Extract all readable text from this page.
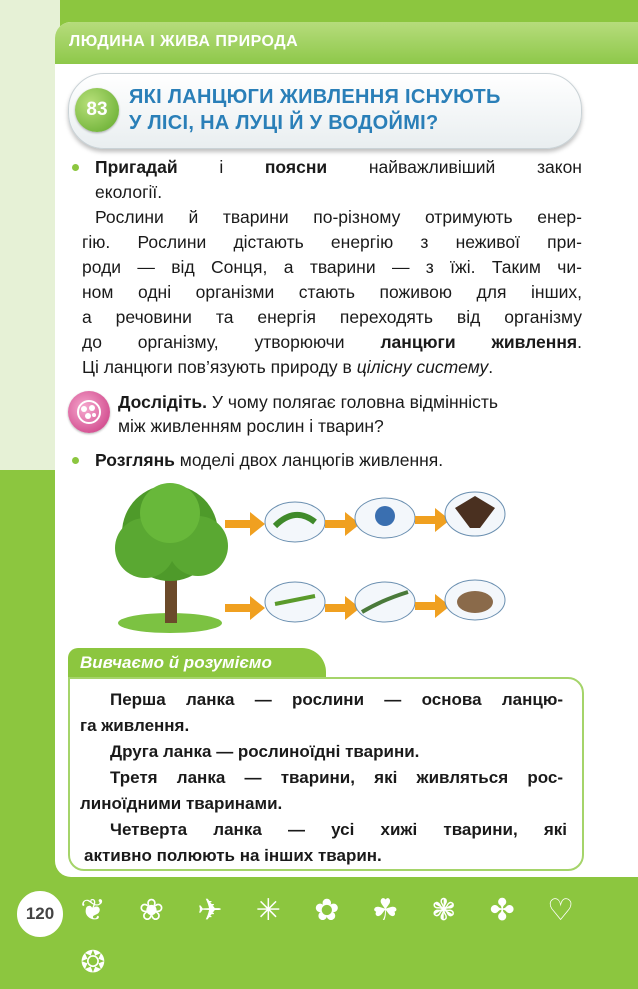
ЛЮДИНА І ЖИВА ПРИРОДА
83
ЯКІ ЛАНЦЮГИ ЖИВЛЕННЯ ІСНУЮТЬ
У ЛІСІ, НА ЛУЦІ Й У ВОДОЙМІ?
Пригадай і поясни найважливіший закон
екології.
Рослини й тварини по-різному отримують енер-
гію. Рослини дістають енергію з неживої при-
роди — від Сонця, а тварини — з їжі. Таким чи-
ном одні організми стають поживою для інших,
а речовини та енергія переходять від організму
до організму, утворюючи ланцюги живлення.
Ці ланцюги пов’язують природу в цілісну систему.
Дослідіть. У чому полягає головна відмінність
між живленням рослин і тварин?
Розглянь моделі двох ланцюгів живлення.
Вивчаємо й розуміємо
Перша ланка — рослини — основа ланцю-
га живлення.
Друга ланка — рослиноїдні тварини.
Третя ланка — тварини, які живляться рос-
линоїдними тваринами.
Четверта ланка — усі хижі тварини, які
активно полюють на інших тварин.
120 ❦ ❀ ✈ ✳ ✿ ☘ ❃ ✤ ♡ ❂
